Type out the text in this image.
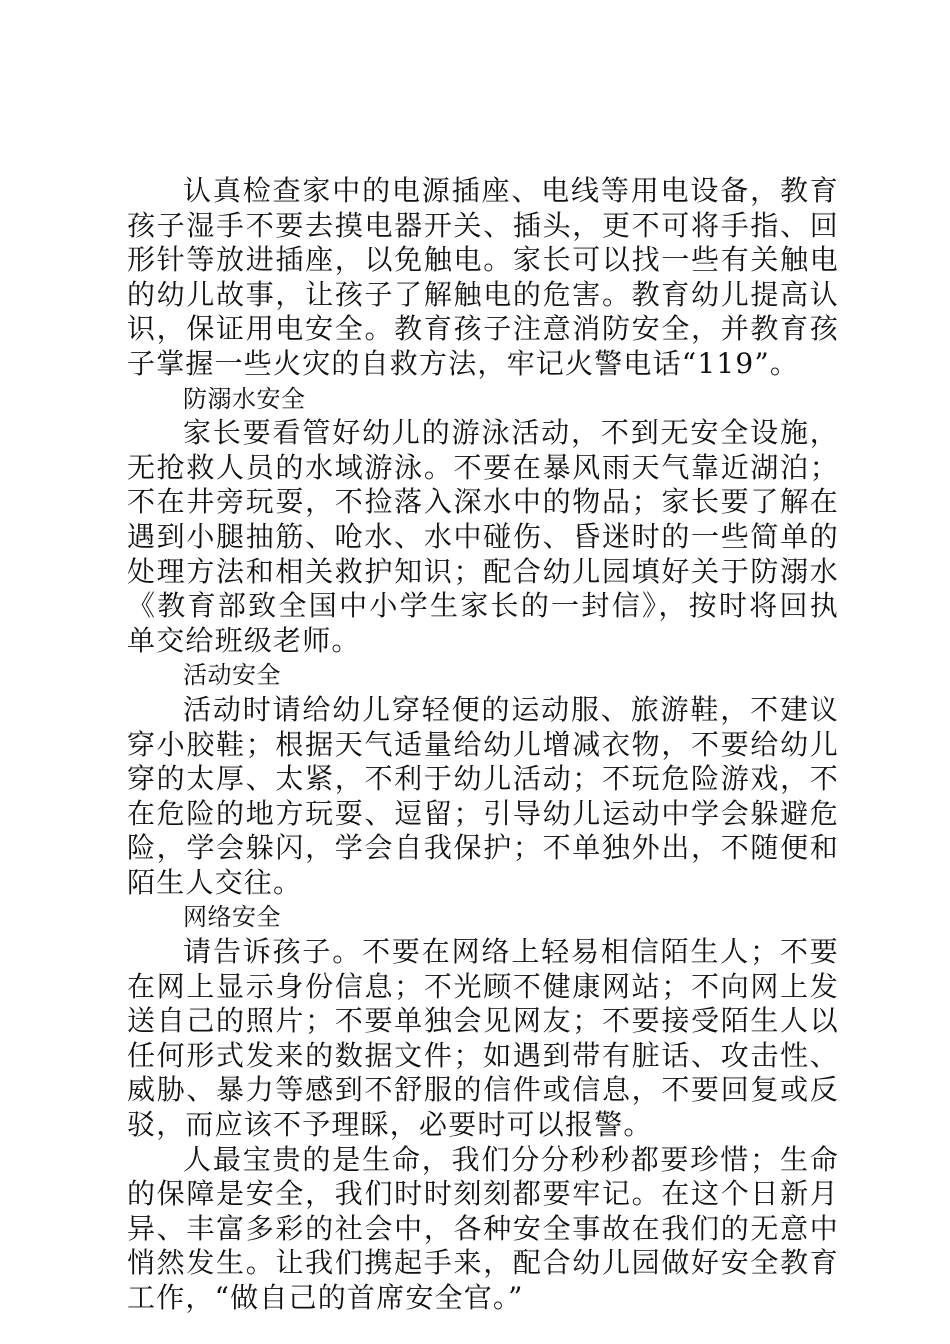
认真检查家中的电源插座、电线等用电设备，教育孩子湿手不要去摸电器开关、插头，更不可将手指、回形针等放进插座，以免触电。家长可以找一些有关触电的幼儿故事，让孩子了解触电的危害。教育幼儿提高认识，保证用电安全。教育孩子注意消防安全，并教育孩子掌握一些火灾的自救方法，牢记火警电话“119”。

防溺水安全

家长要看管好幼儿的游泳活动，不到无安全设施，无抢救人员的水域游泳。不要在暴风雨天气靠近湖泊；不在井旁玩耍，不捡落入深水中的物品；家长要了解在遇到小腿抽筋、呛水、水中碰伤、昏迷时的一些简单的处理方法和相关救护知识；配合幼儿园填好关于防溺水《教育部致全国中小学生家长的一封信》，按时将回执单交给班级老师。

活动安全

活动时请给幼儿穿轻便的运动服、旅游鞋，不建议穿小胶鞋；根据天气适量给幼儿增减衣物，不要给幼儿穿的太厚、太紧，不利于幼儿活动；不玩危险游戏，不在危险的地方玩耍、逗留；引导幼儿运动中学会躲避危险，学会躲闪，学会自我保护；不单独外出，不随便和陌生人交往。

网络安全

请告诉孩子。不要在网络上轻易相信陌生人；不要在网上显示身份信息；不光顾不健康网站；不向网上发送自己的照片；不要单独会见网友；不要接受陌生人以任何形式发来的数据文件；如遇到带有脏话、攻击性、威胁、暴力等感到不舒服的信件或信息，不要回复或反驳，而应该不予理睬，必要时可以报警。

人最宝贵的是生命，我们分分秒秒都要珍惜；生命的保障是安全，我们时时刻刻都要牢记。在这个日新月异、丰富多彩的社会中，各种安全事故在我们的无意中悄然发生。让我们携起手来，配合幼儿园做好安全教育工作，“做自己的首席安全官。”
